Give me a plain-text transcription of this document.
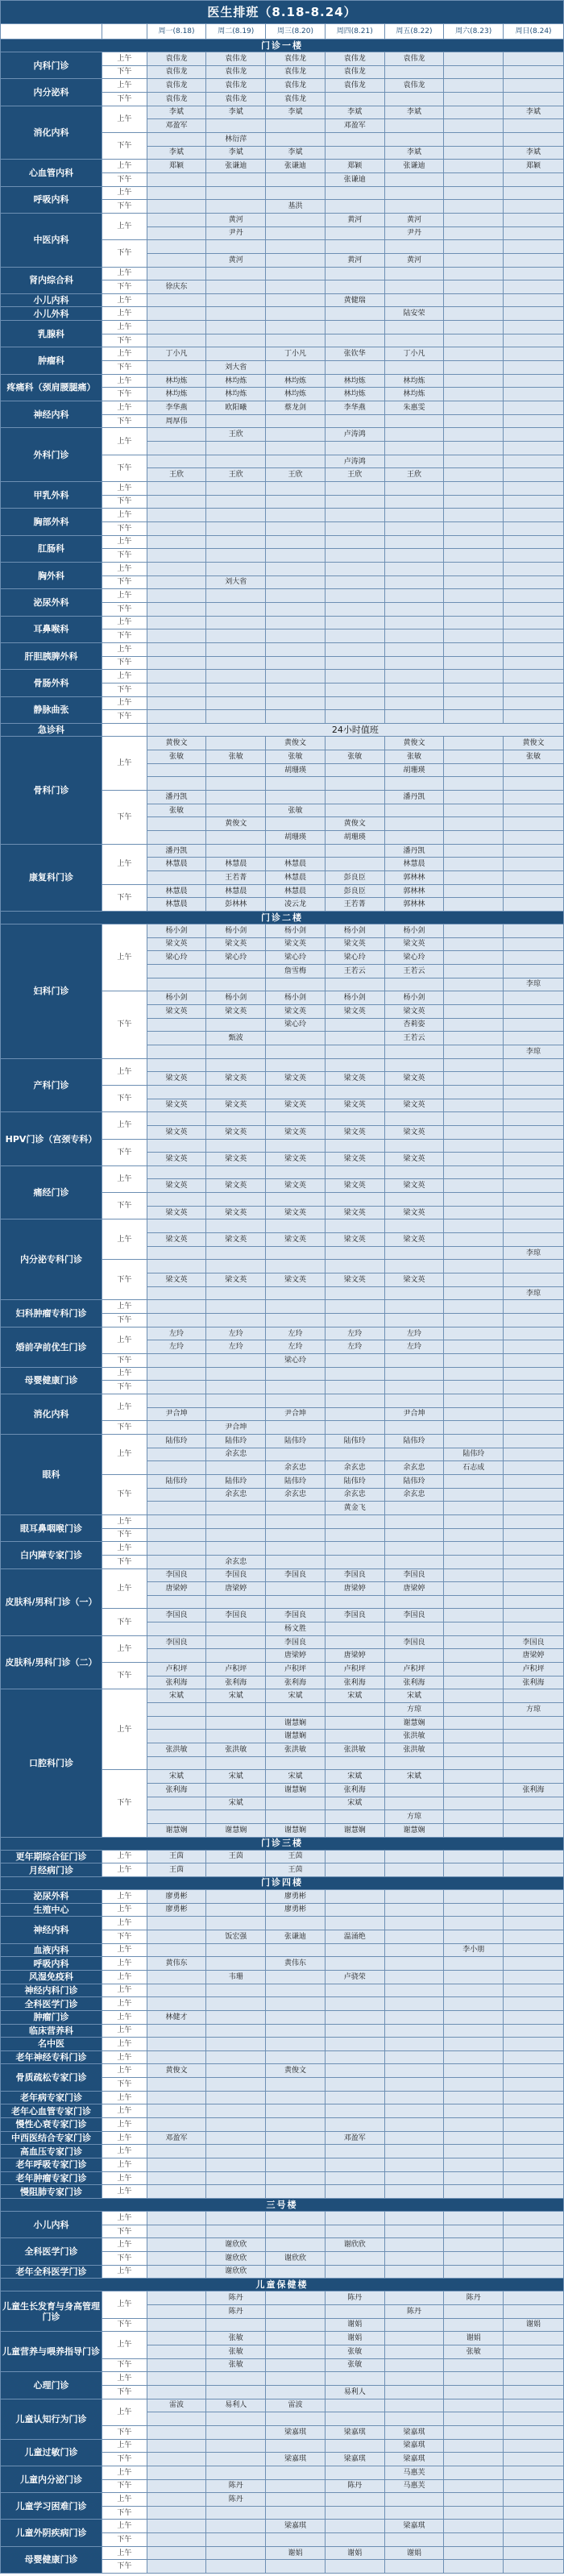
医生排班（8.18-8.24）								
		周一(8.18)	周二(8.19)	周三(8.20)	周四(8.21)	周五(8.22)	周六(8.23)	周日(8.24)
门诊一楼								
内科门诊	上午	袁伟龙	袁伟龙	袁伟龙	袁伟龙	袁伟龙		
	下午	袁伟龙	袁伟龙	袁伟龙	袁伟龙			
内分泌科	上午	袁伟龙	袁伟龙	袁伟龙	袁伟龙	袁伟龙		
	下午	袁伟龙	袁伟龙	袁伟龙				
消化内科	上午	李斌	李斌	李斌	李斌	李斌		李斌
		邓盈军			邓盈军			
	下午		林衍萍					
		李斌	李斌	李斌		李斌		李斌
心血管内科	上午	郑颖	张谦迪	张谦迪	郑颖	张谦迪		郑颖
	下午				张谦迪			
呼吸内科	上午							
	下午			基洪				
中医内科	上午		黄河		黄河	黄河		
			尹丹			尹丹		
	下午							
			黄河		黄河	黄河		
肾内综合科	上午							
	下午	徐庆东						
小儿内科	上午				黄健瑞			
小儿外科	上午					陆安荣		
乳腺科	上午							
	下午							
肿瘤科	上午	丁小凡		丁小凡	张钦华	丁小凡		
	下午		刘大省					
疼痛科（颈肩腰腿痛）	上午	林均炼	林均炼	林均炼	林均炼	林均炼		
	下午	林均炼	林均炼	林均炼	林均炼	林均炼		
神经内科	上午	李华燕	欧阳曦	蔡龙剑	李华燕	朱惠雯		
	下午	周厚伟						
外科门诊	上午		王欣		卢涛鸿			

	下午				卢涛鸿			
		王欣	王欣	王欣	王欣	王欣		
甲乳外科	上午							
	下午							
胸部外科	上午							
	下午							
肛肠科	上午							
	下午							
胸外科	上午							
	下午		刘大省					
泌尿外科	上午							
	下午							
耳鼻喉科	上午							
	下午							
肝胆胰脾外科	上午							
	下午							
骨肠外科	上午							
	下午							
静脉曲张	上午							
	下午							
急诊科		24小时值班						
骨科门诊	上午	黄俊文		黄俊文		黄俊文		黄俊文
		张敏	张敏	张敏	张敏	张敏		张敏
				胡珊瑛		胡珊瑛		

	下午	潘丹凯				潘丹凯		
		张敏		张敏				
			黄俊文		黄俊文			
				胡珊瑛	胡珊瑛			
康复科门诊	上午	潘丹凯				潘丹凯		
		林慧晨	林慧晨	林慧晨		林慧晨		
			王若菁	林慧晨	彭良臣	郭林林		
	下午	林慧晨	林慧晨	林慧晨	彭良臣	郭林林		
		林慧晨	彭林林	凌云龙	王若菁	郭林林		
门诊二楼								
妇科门诊	上午	杨小剑	杨小剑	杨小剑	杨小剑	杨小剑		
		梁文英	梁文英	梁文英	梁文英	梁文英		
		梁心玲	梁心玲	梁心玲	梁心玲	梁心玲		
				詹雪梅	王若云	王若云		
								李琼
	下午	杨小剑	杨小剑	杨小剑	杨小剑	杨小剑		
		梁文英	梁文英	梁文英	梁文英	梁文英		
				梁心玲		杏莉姿		
			甄波			王若云		
								李琼
产科门诊	上午							
		梁文英	梁文英	梁文英	梁文英	梁文英		
	下午							
		梁文英	梁文英	梁文英	梁文英	梁文英		
HPV门诊（宫颈专科）	上午							
		梁文英	梁文英	梁文英	梁文英	梁文英		
	下午							
		梁文英	梁文英	梁文英	梁文英	梁文英		
痛经门诊	上午							
		梁文英	梁文英	梁文英	梁文英	梁文英		
	下午							
		梁文英	梁文英	梁文英	梁文英	梁文英		
内分泌专科门诊	上午							
		梁文英	梁文英	梁文英	梁文英	梁文英		
								李琼
	下午							
		梁文英	梁文英	梁文英	梁文英	梁文英		
								李琼
妇科肿瘤专科门诊	上午							
	下午							
婚前孕前优生门诊	上午	左玲	左玲	左玲	左玲	左玲		
		左玲	左玲	左玲	左玲	左玲		
	下午			梁心玲				
母婴健康门诊	上午							
	下午							
消化内科	上午							
		尹合坤		尹合坤		尹合坤		
	下午		尹合坤					
眼科	上午	陆伟玲	陆伟玲	陆伟玲	陆伟玲	陆伟玲		
			余玄忠				陆伟玲	
				余玄忠	余玄忠	余玄忠	石志成	
	下午	陆伟玲	陆伟玲	陆伟玲	陆伟玲	陆伟玲		
			余玄忠	余玄忠	余玄忠	余玄忠		
					黄金飞			
眼耳鼻咽喉门诊	上午							
	下午							
白内障专家门诊	上午							
	下午		余玄忠					
皮肤科/男科门诊（一）	上午	李国良	李国良	李国良	李国良	李国良		
		唐梁婷	唐梁婷		唐梁婷	唐梁婷		

	下午	李国良	李国良	李国良	李国良	李国良		
				杨文胜				
皮肤科/男科门诊（二）	上午	李国良		李国良		李国良		李国良
				唐梁婷	唐梁婷			唐梁婷
	下午	卢积坪	卢积坪	卢积坪	卢积坪	卢积坪		卢积坪
		张利海	张利海	张利海	张利海	张利海		张利海
口腔科门诊	上午	宋斌	宋斌	宋斌	宋斌	宋斌		
						方琼		方琼
				谢慧娴		谢慧娴		
				谢慧娴		张洪敏		
		张洪敏	张洪敏	张洪敏	张洪敏	张洪敏		

	下午	宋斌	宋斌	宋斌	宋斌	宋斌		
		张利海		谢慧娴	张利海			张利海
			宋斌		宋斌			
						方琼		
		谢慧娴	谢慧娴	谢慧娴	谢慧娴	谢慧娴		
门诊三楼								
更年期综合征门诊	上午	王茵	王茵	王茵				
月经病门诊	上午	王茵		王茵				
门诊四楼								
泌尿外科	上午	廖勇彬		廖勇彬				
生殖中心	上午	廖勇彬		廖勇彬				
神经内科	上午							
	下午		饭宏强	张谦迪	温涌绝			
血液内科	上午						李小朋	
呼吸内科	上午	黄伟东		黄伟东				
风湿免疫科	上午		韦珊		卢骁荣			
神经内科门诊	上午							
全科医学门诊	上午							
肿瘤门诊	上午	林健才						
临床营养科	上午							
名中医	上午							
老年神经专科门诊	上午							
骨质疏松专家门诊	上午	黄俊文		黄俊文				
	下午							
老年病专家门诊	上午							
老年心血管专家门诊	上午							
慢性心衰专家门诊	上午							
中西医结合专家门诊	上午	邓盈军			邓盈军			
高血压专家门诊	上午							
老年呼吸专家门诊	上午							
老年肿瘤专家门诊	上午							
慢阻肺专家门诊	上午							
三号楼								
小儿内科	上午							
	下午							
全科医学门诊	上午		谢欣欣		谢欣欣			
	下午		谢欣欣	谢欣欣				
老年全科医学门诊	上午		谢欣欣					
儿童保健楼								
儿童生长发育与身高管理门诊	上午		陈丹		陈丹		陈丹	
			陈丹			陈丹		
	下午				谢娟			谢娟
儿童营养与喂养指导门诊	上午		张敏		谢娟		谢娟	
			张敏		张敏		张敏	
	下午		张敏		张敏			
心理门诊	上午							
	下午				易利人			
儿童认知行为门诊	上午	雷波	易利人	雷波				

	下午			梁嘉琪	梁嘉琪	梁嘉琪		
儿童过敏门诊	上午					梁嘉琪		
	下午			梁嘉琪	梁嘉琪	梁嘉琪		
儿童内分泌门诊	上午					马惠芙		
	下午		陈丹		陈丹	马惠芙		
儿童学习困难门诊	上午		陈丹					
	下午							
儿童外阴疾病门诊	上午			梁嘉琪		梁嘉琪		
	下午							
母婴健康门诊	上午			谢娟	谢娟	谢娟		
	下午							
